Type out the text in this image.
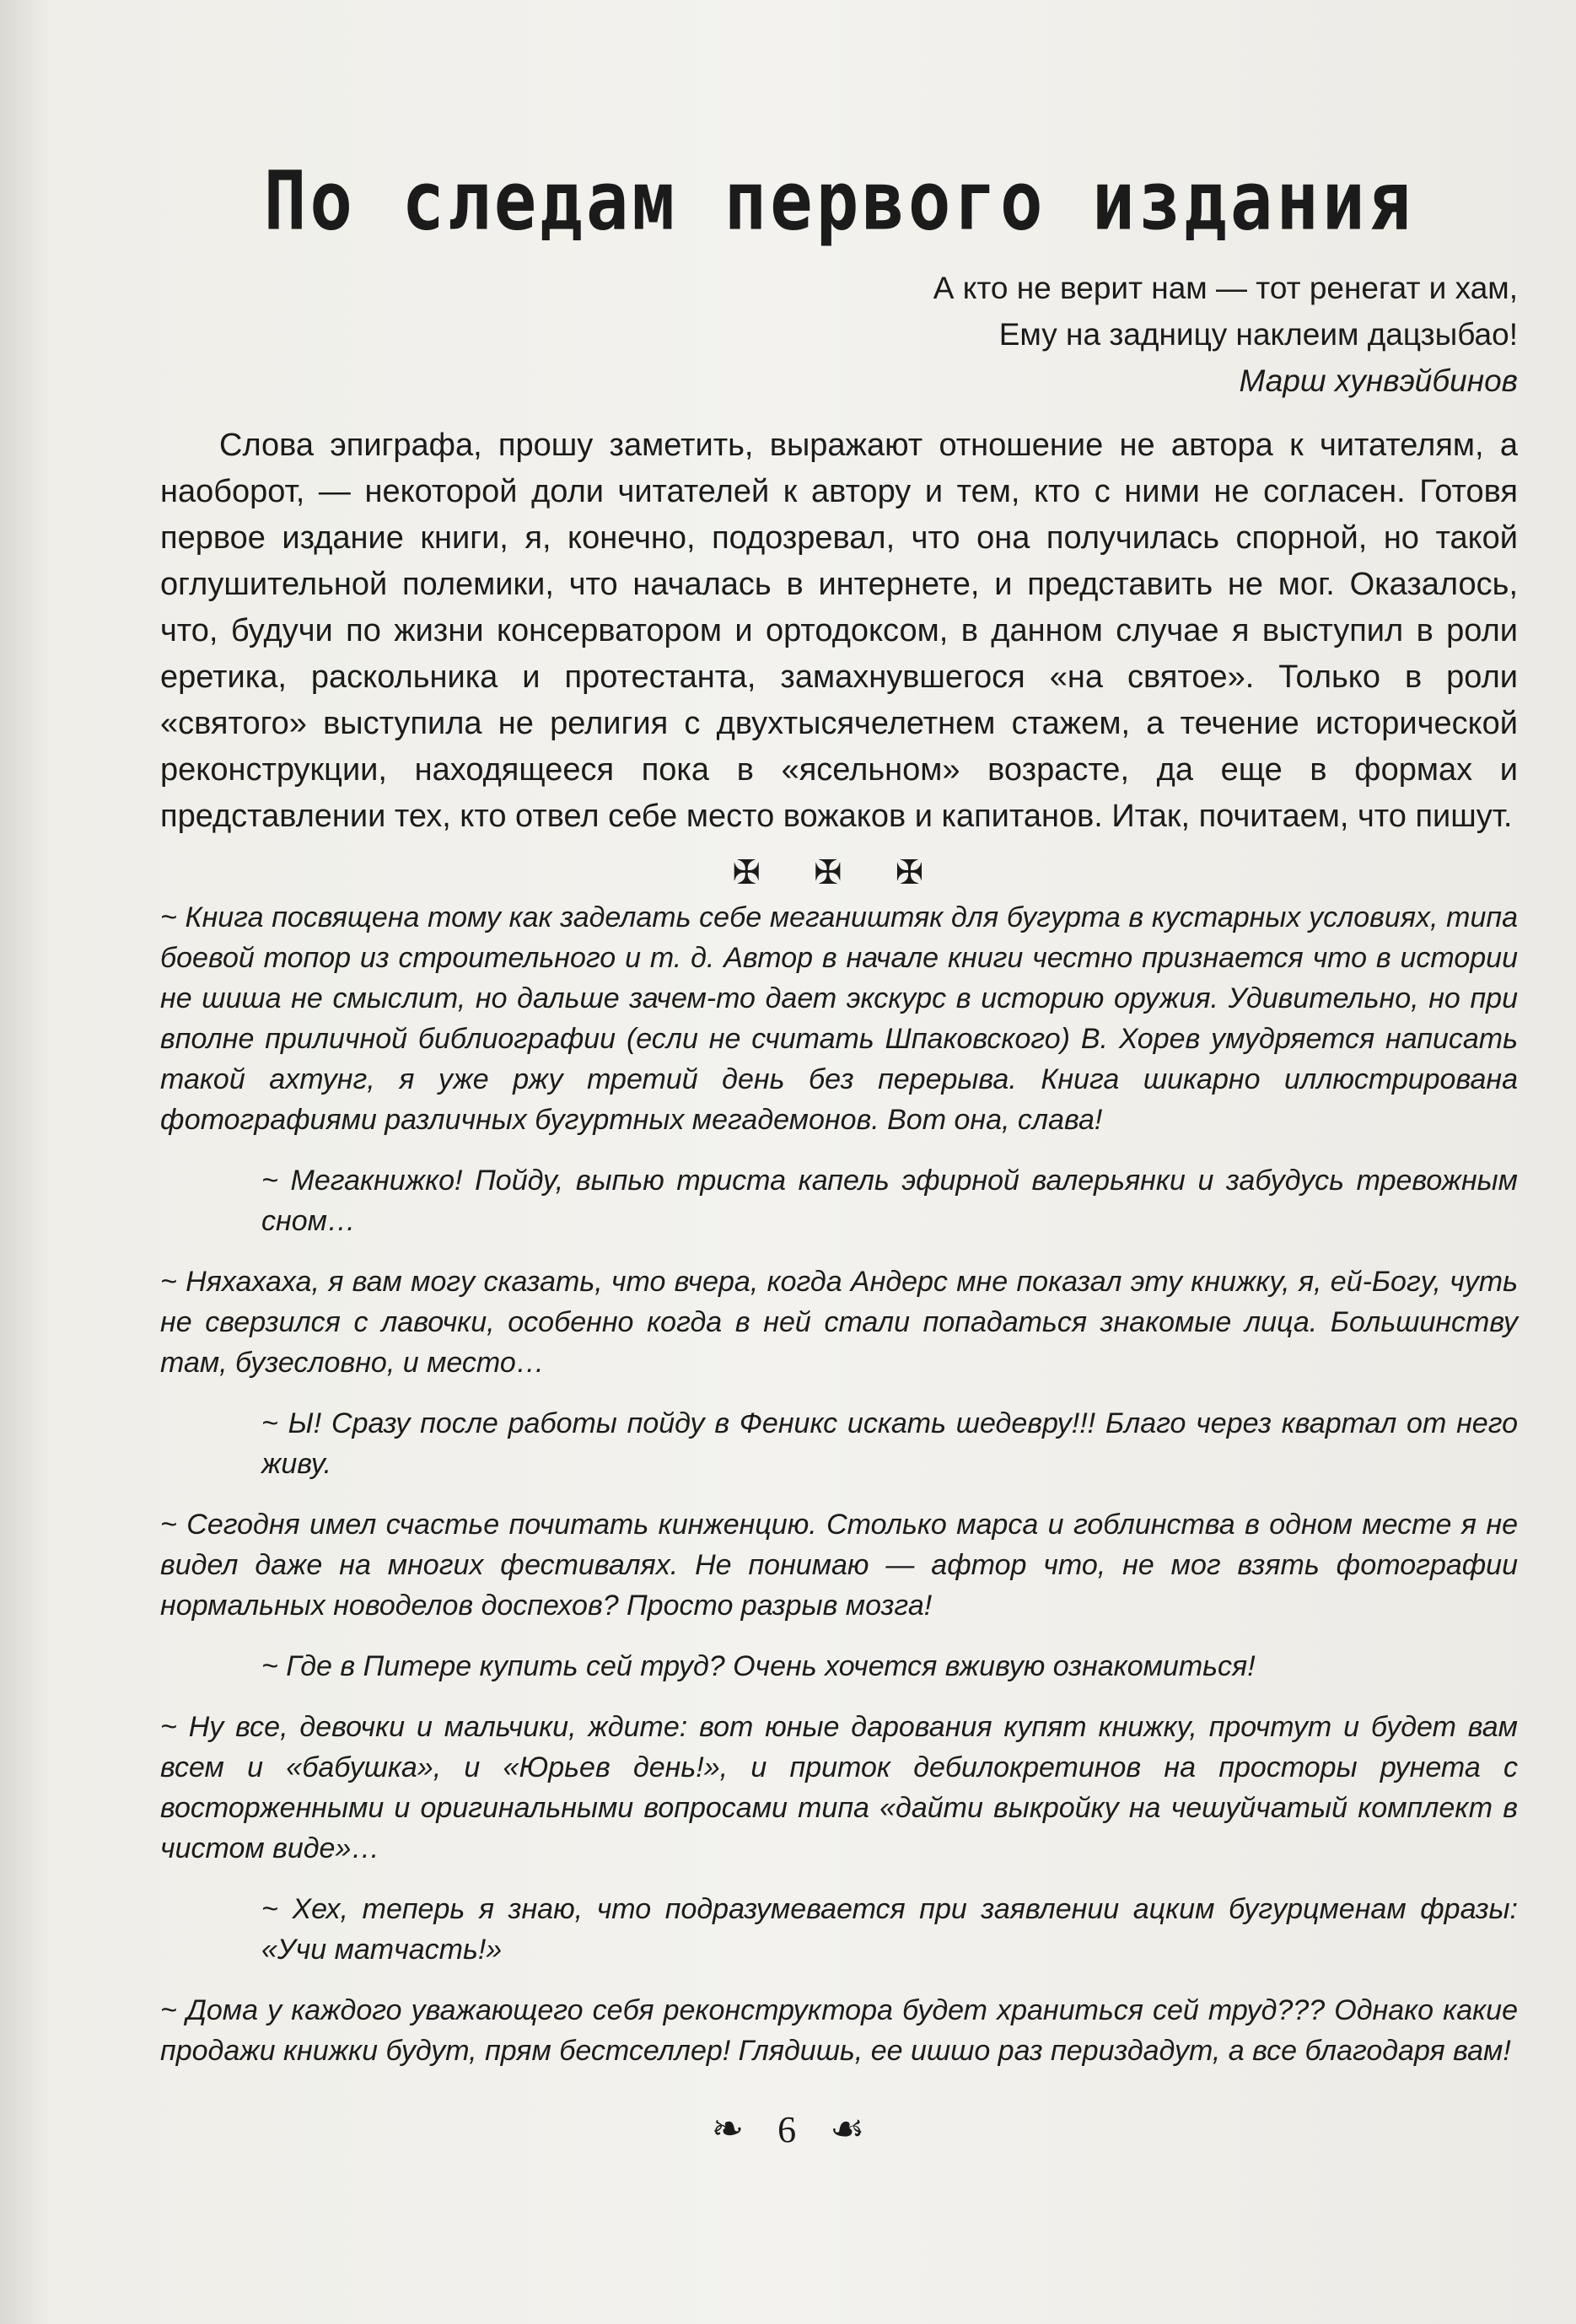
По следам первого издания
А кто не верит нам — тот ренегат и хам,
Ему на задницу наклеим дацзыбао!
Марш хунвэйбинов

Слова эпиграфа, прошу заметить, выражают отношение не автора к читателям, а наоборот, — некоторой доли читателей к автору и тем, кто с ними не согласен. Готовя первое издание книги, я, конечно, подозревал, что она получилась спорной, но такой оглушительной полемики, что началась в интернете, и представить не мог. Оказалось, что, будучи по жизни консерватором и ортодоксом, в данном случае я выступил в роли еретика, раскольника и протестанта, замахнувшегося «на святое». Только в роли «святого» выступила не религия с двухтысячелетнем стажем, а течение исторической реконструкции, находящееся пока в «ясельном» возрасте, да еще в формах и представлении тех, кто отвел себе место вожаков и капитанов. Итак, почитаем, что пишут.

✠ ✠ ✠

~ Книга посвящена тому как заделать себе мегаништяк для бугурта в кустарных условиях, типа боевой топор из строительного и т. д. Автор в начале книги честно признается что в истории не шиша не смыслит, но дальше зачем-то дает экскурс в историю оружия. Удивительно, но при вполне приличной библиографии (если не считать Шпаковского) В. Хорев умудряется написать такой ахтунг, я уже ржу третий день без перерыва. Книга шикарно иллюстрирована фотографиями различных бугуртных мегадемонов. Вот она, слава!

~ Мегакнижко! Пойду, выпью триста капель эфирной валерьянки и забудусь тревожным сном…

~ Няхахаха, я вам могу сказать, что вчера, когда Андерс мне показал эту книжку, я, ей-Богу, чуть не сверзился с лавочки, особенно когда в ней стали попадаться знакомые лица. Большинству там, бузесловно, и место…

~ Ы! Сразу после работы пойду в Феникс искать шедевру!!! Благо через квартал от него живу.

~ Сегодня имел счастье почитать кинженцию. Столько марса и гоблинства в одном месте я не видел даже на многих фестивалях. Не понимаю — афтор что, не мог взять фотографии нормальных новоделов доспехов? Просто разрыв мозга!

~ Где в Питере купить сей труд? Очень хочется вживую ознакомиться!

~ Ну все, девочки и мальчики, ждите: вот юные дарования купят книжку, прочтут и будет вам всем и «бабушка», и «Юрьев день!», и приток дебилокретинов на просторы рунета с восторженными и оригинальными вопросами типа «дайти выкройку на чешуйчатый комплект в чистом виде»…

~ Хех, теперь я знаю, что подразумевается при заявлении ацким бугурцменам фразы: «Учи матчасть!»

~ Дома у каждого уважающего себя реконструктора будет храниться сей труд??? Однако какие продажи книжки будут, прям бестселлер! Глядишь, ее ишшо раз периздадут, а все благодаря вам!

❧ 6 ☙
